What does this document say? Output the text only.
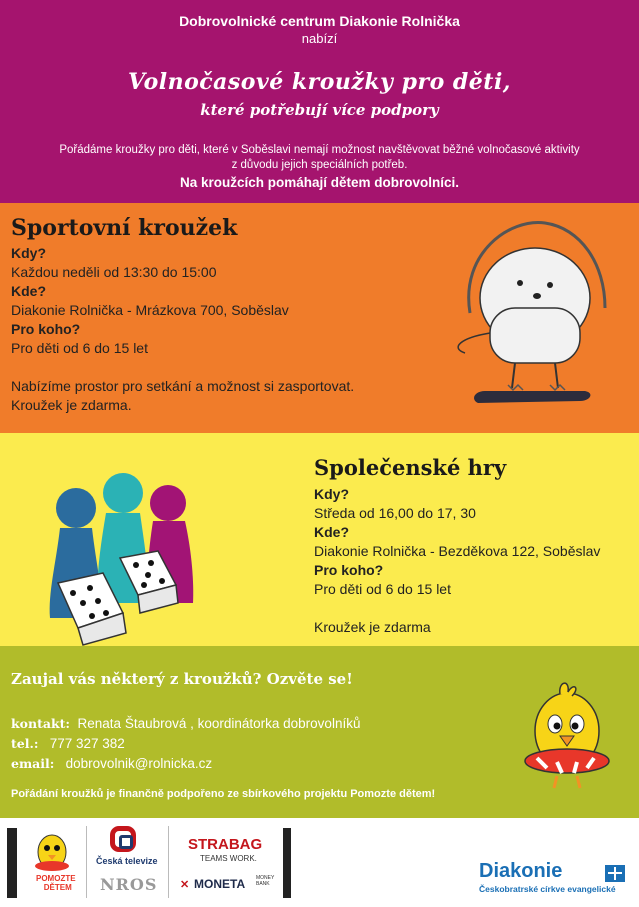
Dobrovolnické centrum Diakonie Rolnička
nabízí
Volnočasové kroužky pro děti,
které potřebují více podpory
Pořádáme kroužky pro děti, které v Soběslavi nemají možnost navštěvovat běžné volnočasové aktivity
z důvodu jejich speciálních potřeb.
Na kroužcích pomáhají dětem dobrovolníci.
Sportovní kroužek
Kdy?
Každou neděli od 13:30 do 15:00
Kde?
Diakonie Rolnička - Mrázkova 700, Soběslav
Pro koho?
Pro děti od 6 do 15 let
Nabízíme prostor pro setkání a možnost si zasportovat.
Kroužek je zdarma.
Společenské hry
Kdy?
Středa od 16,00 do 17, 30
Kde?
Diakonie Rolnička - Bezděkova 122, Soběslav
Pro koho?
Pro děti od 6 do 15 let
Kroužek je zdarma
Zaujal vás některý z kroužků? Ozvěte se!
kontakt: Renata Štaubrová , koordinátorka dobrovolníků
tel.: 777 327 382
email: dobrovolnik@rolnicka.cz
Pořádání kroužků je finančně podpořeno ze sbírkového projektu Pomozte dětem!
POMOZTE
DĚTEM
Česká televize
NROS
STRABAG
TEAMS WORK.
✕ MONETA MONEY
BANK
Diakonie
Českobratrské církve evangelické
